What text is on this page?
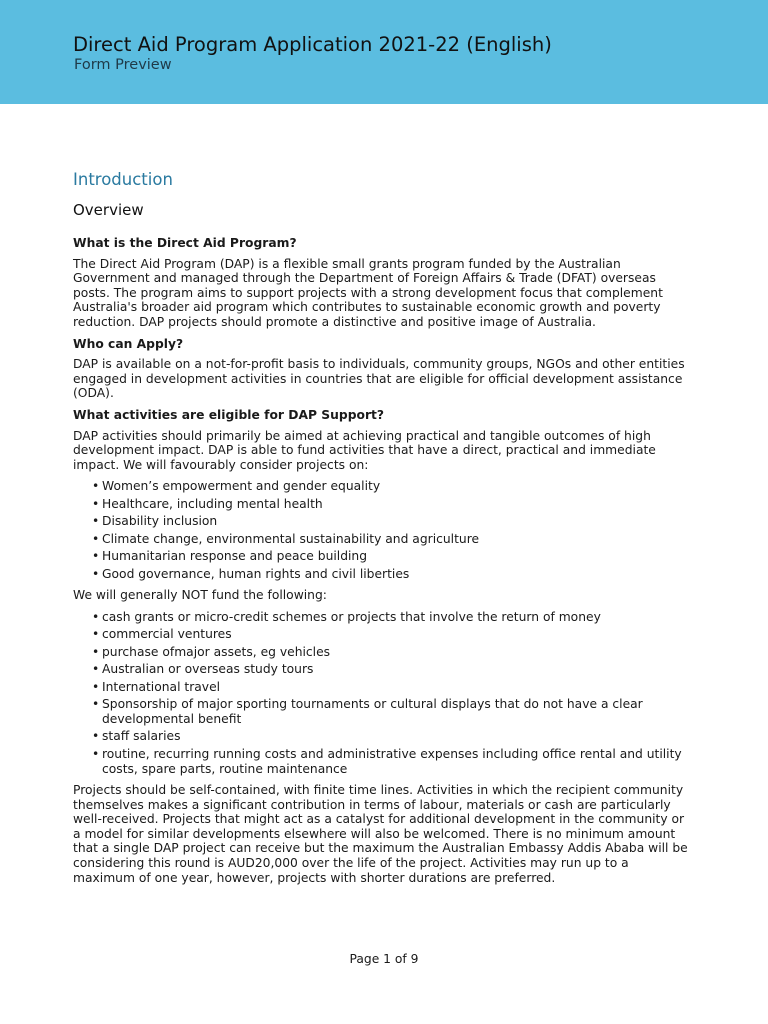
Direct Aid Program Application 2021-22 (English)
Form Preview
Introduction
Overview
What is the Direct Aid Program?
The Direct Aid Program (DAP) is a flexible small grants program funded by the Australian Government and managed through the Department of Foreign Affairs & Trade (DFAT) overseas posts. The program aims to support projects with a strong development focus that complement Australia's broader aid program which contributes to sustainable economic growth and poverty reduction. DAP projects should promote a distinctive and positive image of Australia.
Who can Apply?
DAP is available on a not-for-profit basis to individuals, community groups, NGOs and other entities engaged in development activities in countries that are eligible for official development assistance (ODA).
What activities are eligible for DAP Support?
DAP activities should primarily be aimed at achieving practical and tangible outcomes of high development impact. DAP is able to fund activities that have a direct, practical and immediate impact. We will favourably consider projects on:
• Women’s empowerment and gender equality
• Healthcare, including mental health
• Disability inclusion
• Climate change, environmental sustainability and agriculture
• Humanitarian response and peace building
• Good governance, human rights and civil liberties
We will generally NOT fund the following:
• cash grants or micro-credit schemes or projects that involve the return of money
• commercial ventures
• purchase ofmajor assets, eg vehicles
• Australian or overseas study tours
• International travel
• Sponsorship of major sporting tournaments or cultural displays that do not have a clear developmental benefit
• staff salaries
• routine, recurring running costs and administrative expenses including office rental and utility costs, spare parts, routine maintenance
Projects should be self-contained, with finite time lines. Activities in which the recipient community themselves makes a significant contribution in terms of labour, materials or cash are particularly well-received. Projects that might act as a catalyst for additional development in the community or a model for similar developments elsewhere will also be welcomed. There is no minimum amount that a single DAP project can receive but the maximum the Australian Embassy Addis Ababa will be considering this round is AUD20,000 over the life of the project. Activities may run up to a maximum of one year, however, projects with shorter durations are preferred.
Page 1 of 9
